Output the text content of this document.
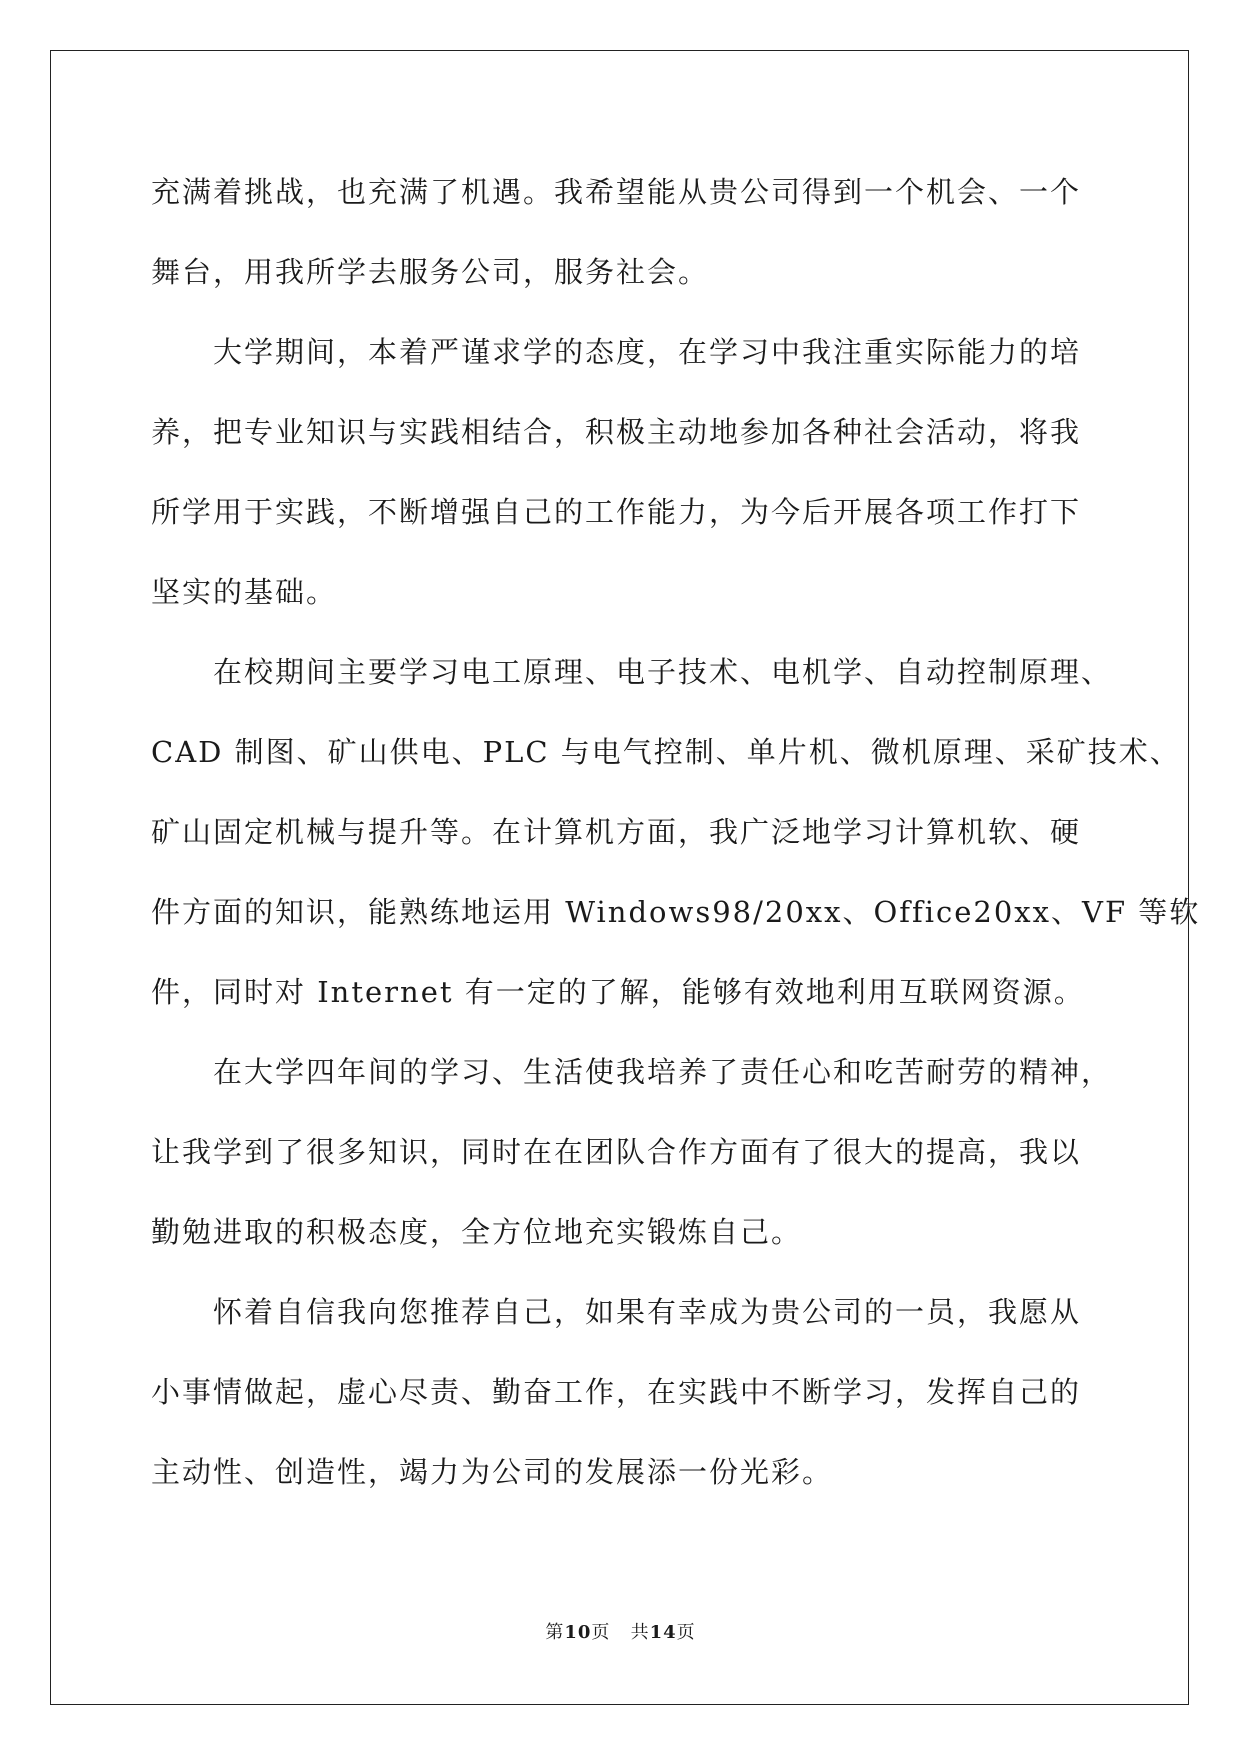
充满着挑战，也充满了机遇。我希望能从贵公司得到一个机会、一个

舞台，用我所学去服务公司，服务社会。

大学期间，本着严谨求学的态度，在学习中我注重实际能力的培

养，把专业知识与实践相结合，积极主动地参加各种社会活动，将我

所学用于实践，不断增强自己的工作能力，为今后开展各项工作打下

坚实的基础。

在校期间主要学习电工原理、电子技术、电机学、自动控制原理、

CAD 制图、矿山供电、PLC 与电气控制、单片机、微机原理、采矿技术、

矿山固定机械与提升等。在计算机方面，我广泛地学习计算机软、硬

件方面的知识，能熟练地运用 Windows98/20xx、Office20xx、VF 等软

件，同时对 Internet 有一定的了解，能够有效地利用互联网资源。

在大学四年间的学习、生活使我培养了责任心和吃苦耐劳的精神，

让我学到了很多知识，同时在在团队合作方面有了很大的提高，我以

勤勉进取的积极态度，全方位地充实锻炼自己。

怀着自信我向您推荐自己，如果有幸成为贵公司的一员，我愿从

小事情做起，虚心尽责、勤奋工作，在实践中不断学习，发挥自己的

主动性、创造性，竭力为公司的发展添一份光彩。

第10页 共14页
